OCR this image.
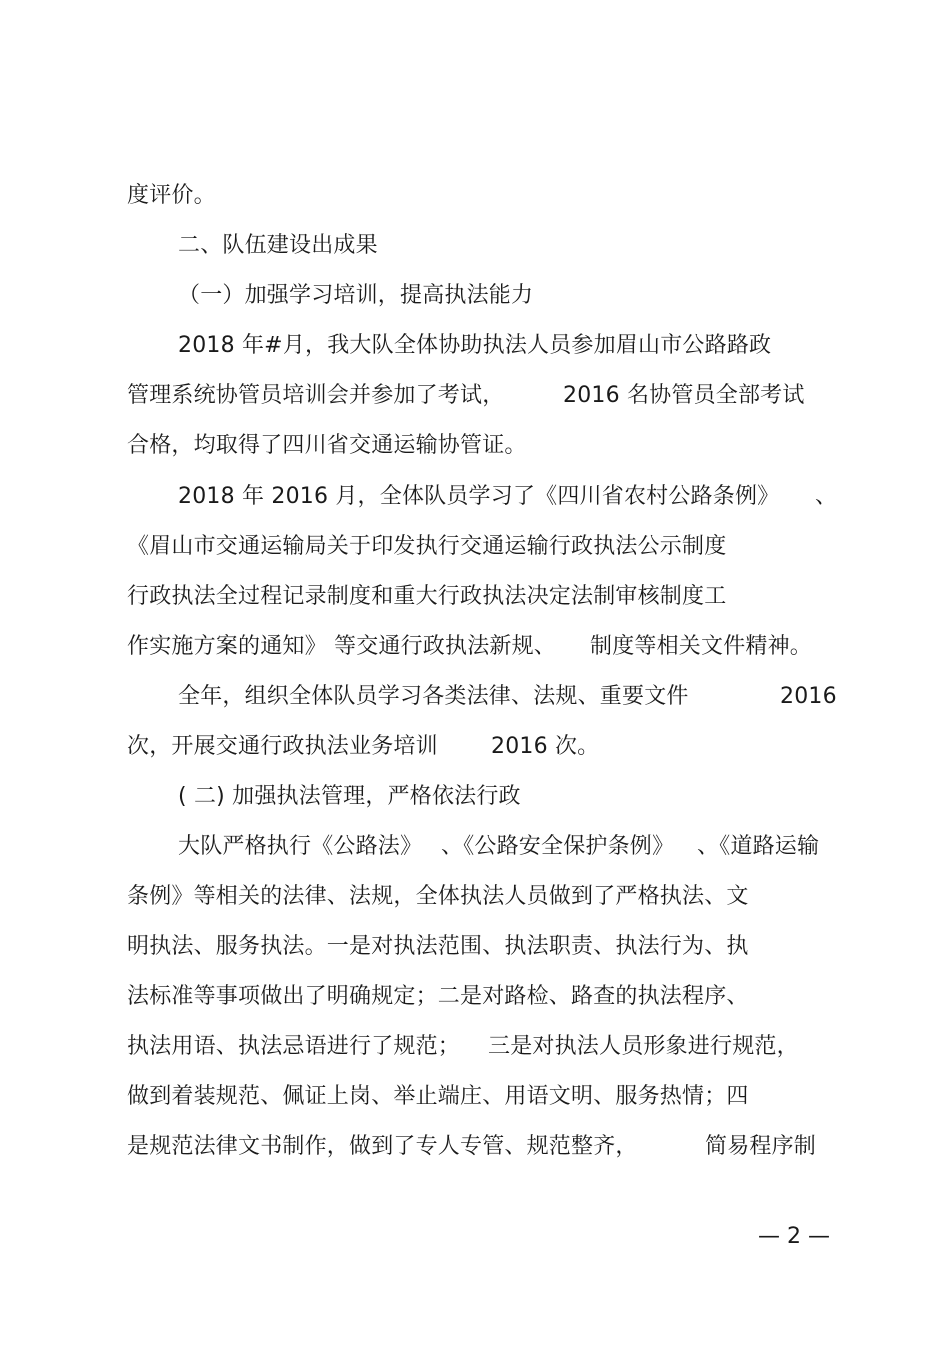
度评价。
二、队伍建设出成果
（一）加强学习培训，提高执法能力
2018 年#月，我大队全体协助执法人员参加眉山市公路路政
管理系统协管员培训会并参加了考试，	2016 名协管员全部考试
合格，均取得了四川省交通运输协管证。
2018 年 2016 月，全体队员学习了《四川省农村公路条例》 、
《眉山市交通运输局关于印发执行交通运输行政执法公示制度
行政执法全过程记录制度和重大行政执法决定法制审核制度工
作实施方案的通知》 等交通行政执法新规、 制度等相关文件精神。
全年，组织全体队员学习各类法律、法规、重要文件	2016
次，开展交通行政执法业务培训 2016 次。
( 二) 加强执法管理，严格依法行政
大队严格执行《公路法》 、《公路安全保护条例》 、《道路运输
条例》等相关的法律、法规，全体执法人员做到了严格执法、文
明执法、服务执法。一是对执法范围、执法职责、执法行为、执
法标准等事项做出了明确规定；二是对路检、路查的执法程序、
执法用语、执法忌语进行了规范； 三是对执法人员形象进行规范，
做到着装规范、佩证上岗、举止端庄、用语文明、服务热情；四
是规范法律文书制作，做到了专人专管、规范整齐，	简易程序制
— 2 —
